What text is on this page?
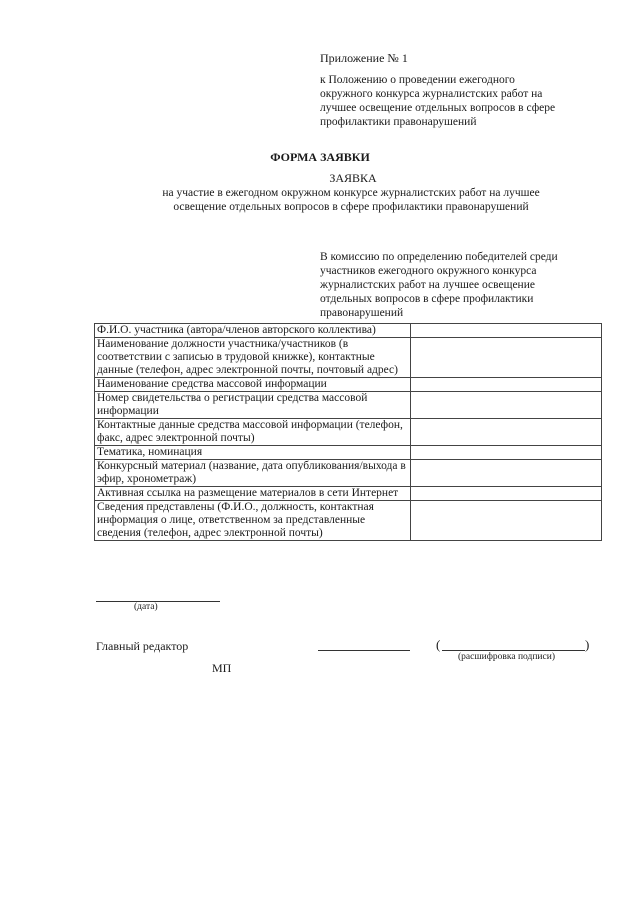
Приложение № 1
к Положению о проведении ежегодного окружного конкурса журналистских работ на лучшее освещение отдельных вопросов в сфере профилактики правонарушений
ФОРМА ЗАЯВКИ
ЗАЯВКА
на участие в ежегодном окружном конкурсе журналистских работ на лучшее освещение отдельных вопросов в сфере профилактики правонарушений
В комиссию по определению победителей среди участников ежегодного окружного конкурса журналистских работ на лучшее освещение отдельных вопросов в сфере профилактики правонарушений
Ф.И.О. участника (автора/членов авторского коллектива)	
Наименование должности участника/участников (в соответствии с записью в трудовой книжке), контактные данные (телефон, адрес электронной почты, почтовый адрес)	
Наименование средства массовой информации	
Номер свидетельства о регистрации средства массовой информации	
Контактные данные средства массовой информации (телефон, факс, адрес электронной почты)	
Тематика, номинация	
Конкурсный материал (название, дата опубликования/выхода в эфир, хронометраж)	
Активная ссылка на размещение материалов в сети Интернет	
Сведения представлены (Ф.И.О., должность, контактная информация о лице, ответственном за представленные сведения (телефон, адрес электронной почты)	
(дата)
Главный редактор	(	)
(расшифровка подписи)
МП
